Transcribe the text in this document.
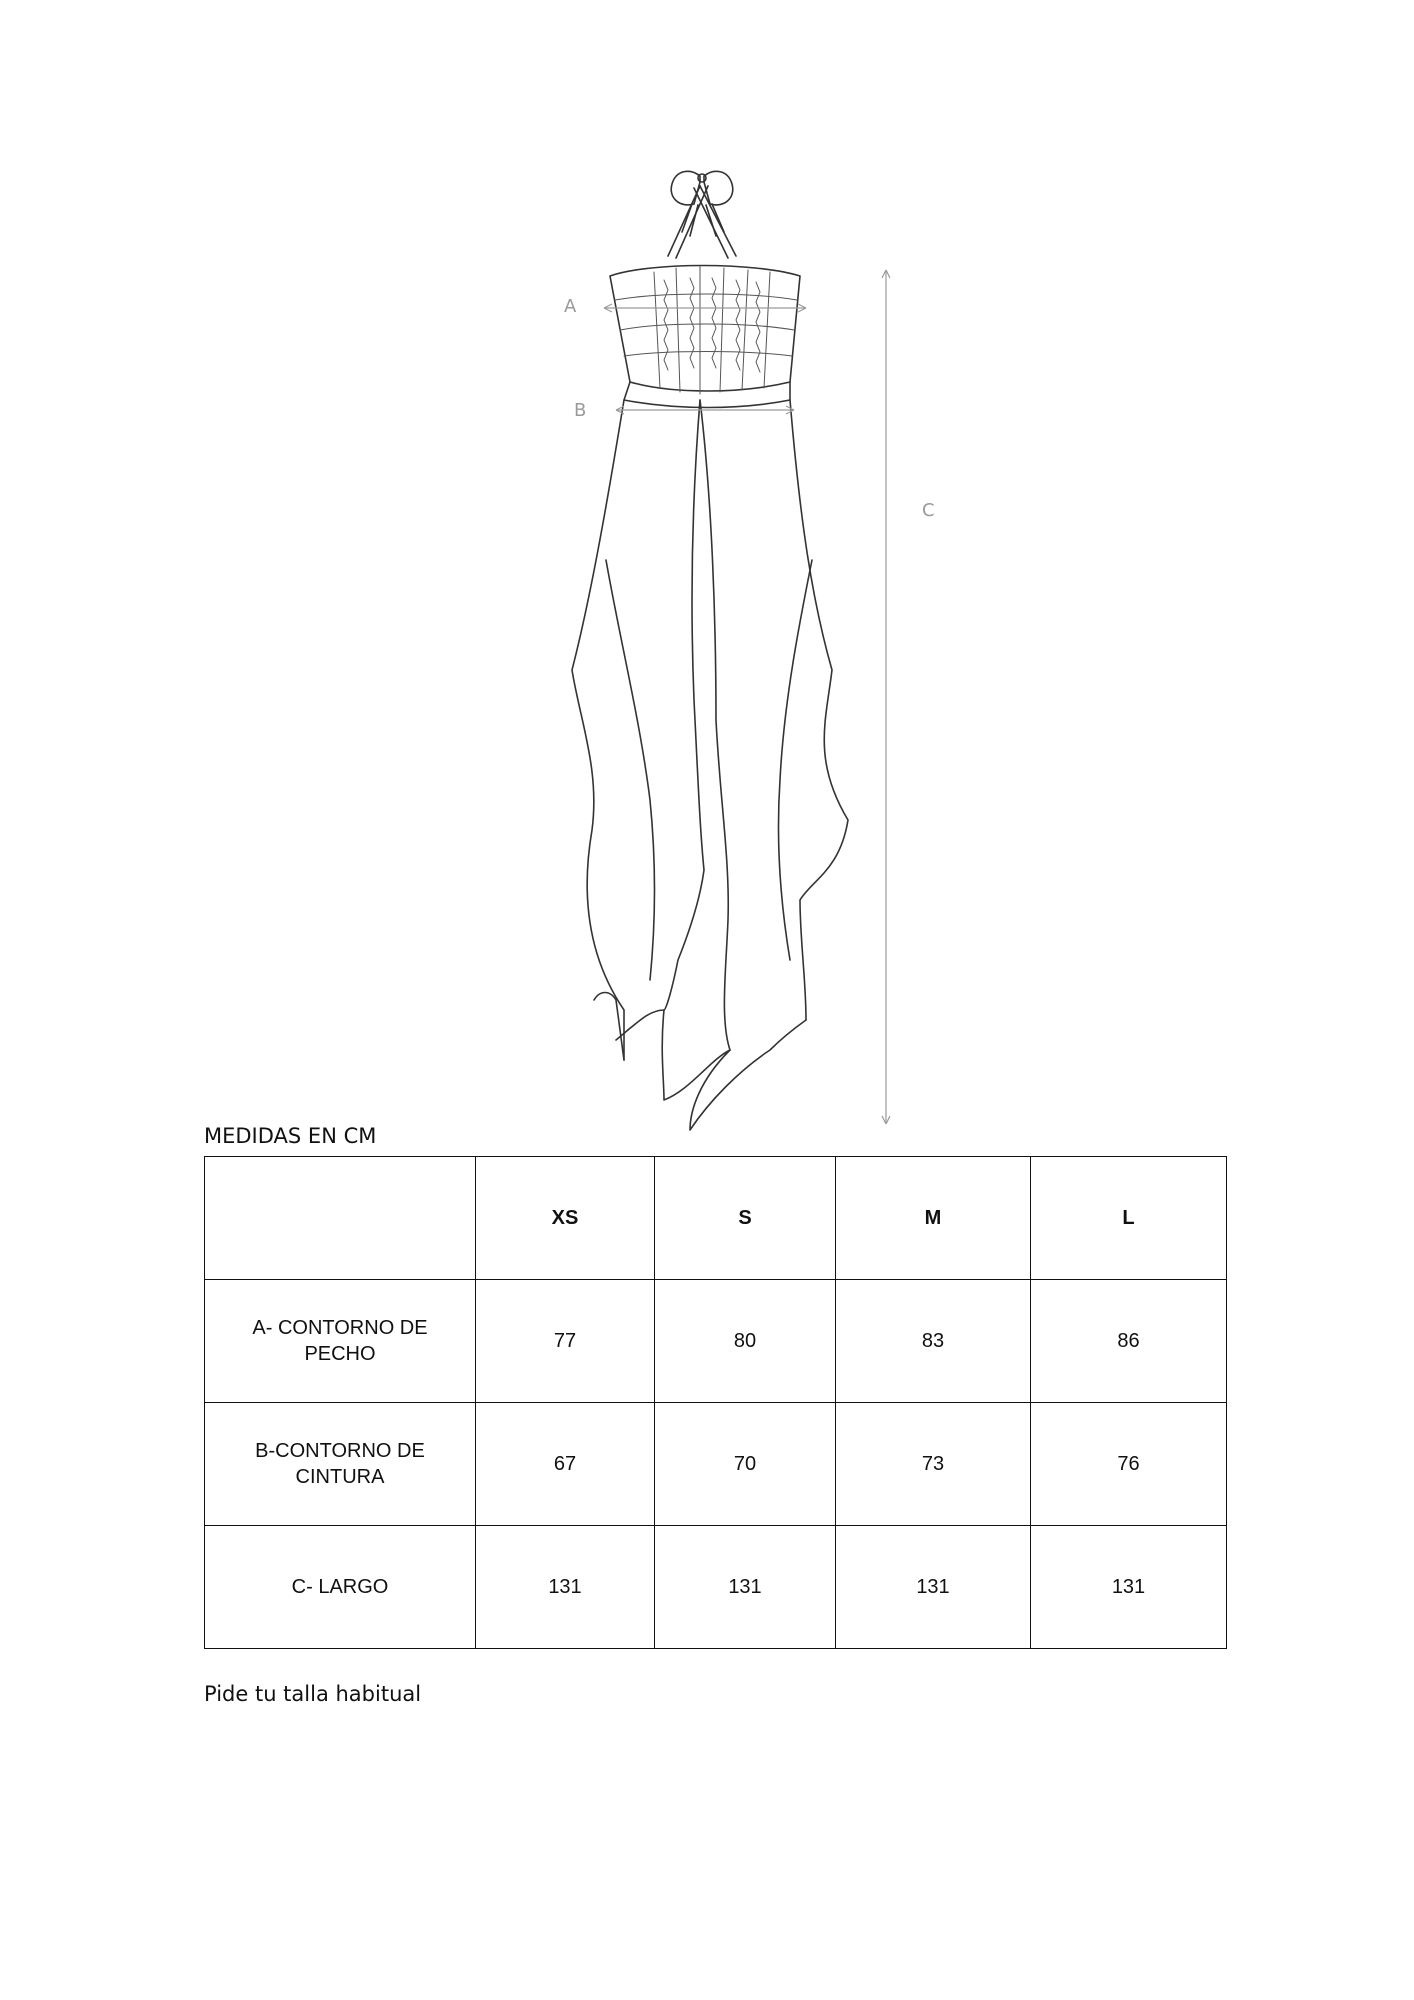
A
B
C
MEDIDAS EN CM
	XS	S	M	L
A- CONTORNO DE PECHO	77	80	83	86
B-CONTORNO DE CINTURA	67	70	73	76
C- LARGO	131	131	131	131
Pide tu talla habitual
